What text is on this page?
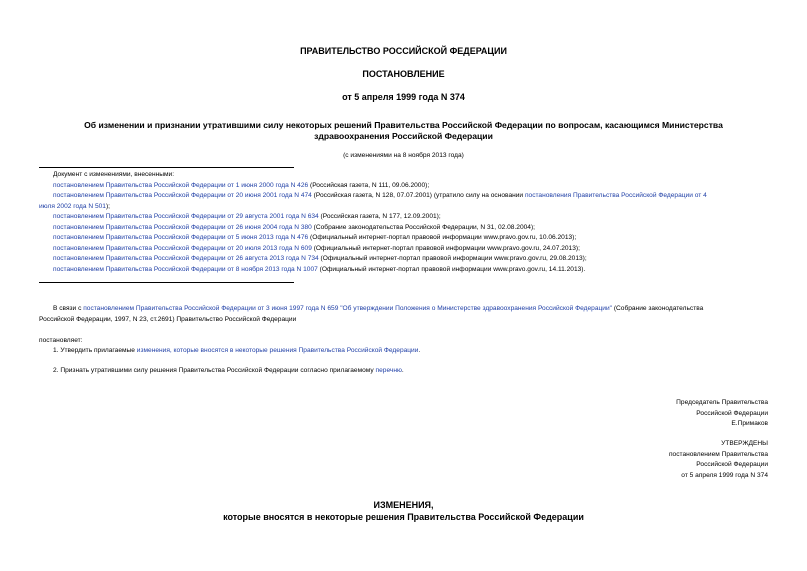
ПРАВИТЕЛЬСТВО РОССИЙСКОЙ ФЕДЕРАЦИИ
ПОСТАНОВЛЕНИЕ
от 5 апреля 1999 года N 374
Об изменении и признании утратившими силу некоторых решений Правительства Российской Федерации по вопросам, касающимся Министерства
здравоохранения Российской Федерации
(с изменениями на 8 ноября 2013 года)
Документ с изменениями, внесенными:
постановлением Правительства Российской Федерации от 1 июня 2000 года N 426 (Российская газета, N 111, 09.06.2000);
постановлением Правительства Российской Федерации от 20 июня 2001 года N 474 (Российская газета, N 128, 07.07.2001) (утратило силу на основании постановления Правительства Российской Федерации от 4
июля 2002 года N 501);
постановлением Правительства Российской Федерации от 29 августа 2001 года N 634 (Российская газета, N 177, 12.09.2001);
постановлением Правительства Российской Федерации от 26 июня 2004 года N 380 (Собрание законодательства Российской Федерации, N 31, 02.08.2004);
постановлением Правительства Российской Федерации от 5 июня 2013 года N 476 (Официальный интернет-портал правовой информации www.pravo.gov.ru, 10.06.2013);
постановлением Правительства Российской Федерации от 20 июля 2013 года N 609 (Официальный интернет-портал правовой информации www.pravo.gov.ru, 24.07.2013);
постановлением Правительства Российской Федерации от 26 августа 2013 года N 734 (Официальный интернет-портал правовой информации www.pravo.gov.ru, 29.08.2013);
постановлением Правительства Российской Федерации от 8 ноября 2013 года N 1007 (Официальный интернет-портал правовой информации www.pravo.gov.ru, 14.11.2013).
В связи с постановлением Правительства Российской Федерации от 3 июня 1997 года N 659 "Об утверждении Положения о Министерстве здравоохранения Российской Федерации" (Собрание законодательства
Российской Федерации, 1997, N 23, ст.2691) Правительство Российской Федерации
постановляет:
1. Утвердить прилагаемые изменения, которые вносятся в некоторые решения Правительства Российской Федерации.
2. Признать утратившими силу решения Правительства Российской Федерации согласно прилагаемому перечню.
Председатель Правительства
Российской Федерации
Е.Примаков
УТВЕРЖДЕНЫ
постановлением Правительства
Российской Федерации
от 5 апреля 1999 года N 374
ИЗМЕНЕНИЯ,
которые вносятся в некоторые решения Правительства Российской Федерации
